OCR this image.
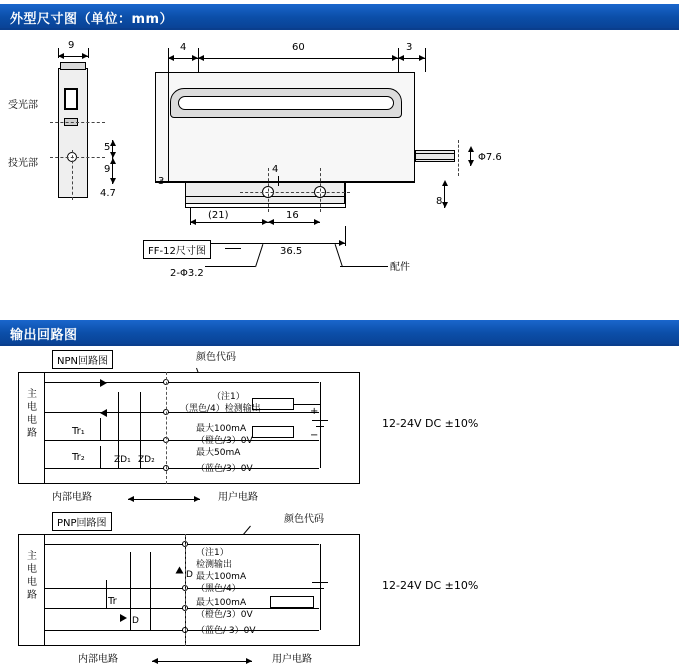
外型尺寸图（单位：mm）
9
受光部
投光部
5
9
4.7
4	60	3
Φ7.6
3
4
8
(21)	16
36.5
FF-12尺寸图
2-Φ3.2
配件
输出回路图
NPN回路图	颜色代码
主
电
电
路	Tr₁
Tr₂	ZD₁ ZD₂
（注1）
（黑色/4）检测输出
最大100mA
（橙色/3）0V
最大50mA
（蓝色/3）0V
+
−
12-24V DC ±10%
内部电路	用户电路
PNP回路图	颜色代码
主
电
电
路
Tr
D
D
（注1）
检测输出
最大100mA
（黑色/4）
最大100mA
（橙色/3）0V
（蓝色/ 3）0V
12-24V DC ±10%
内部电路	用户电路
